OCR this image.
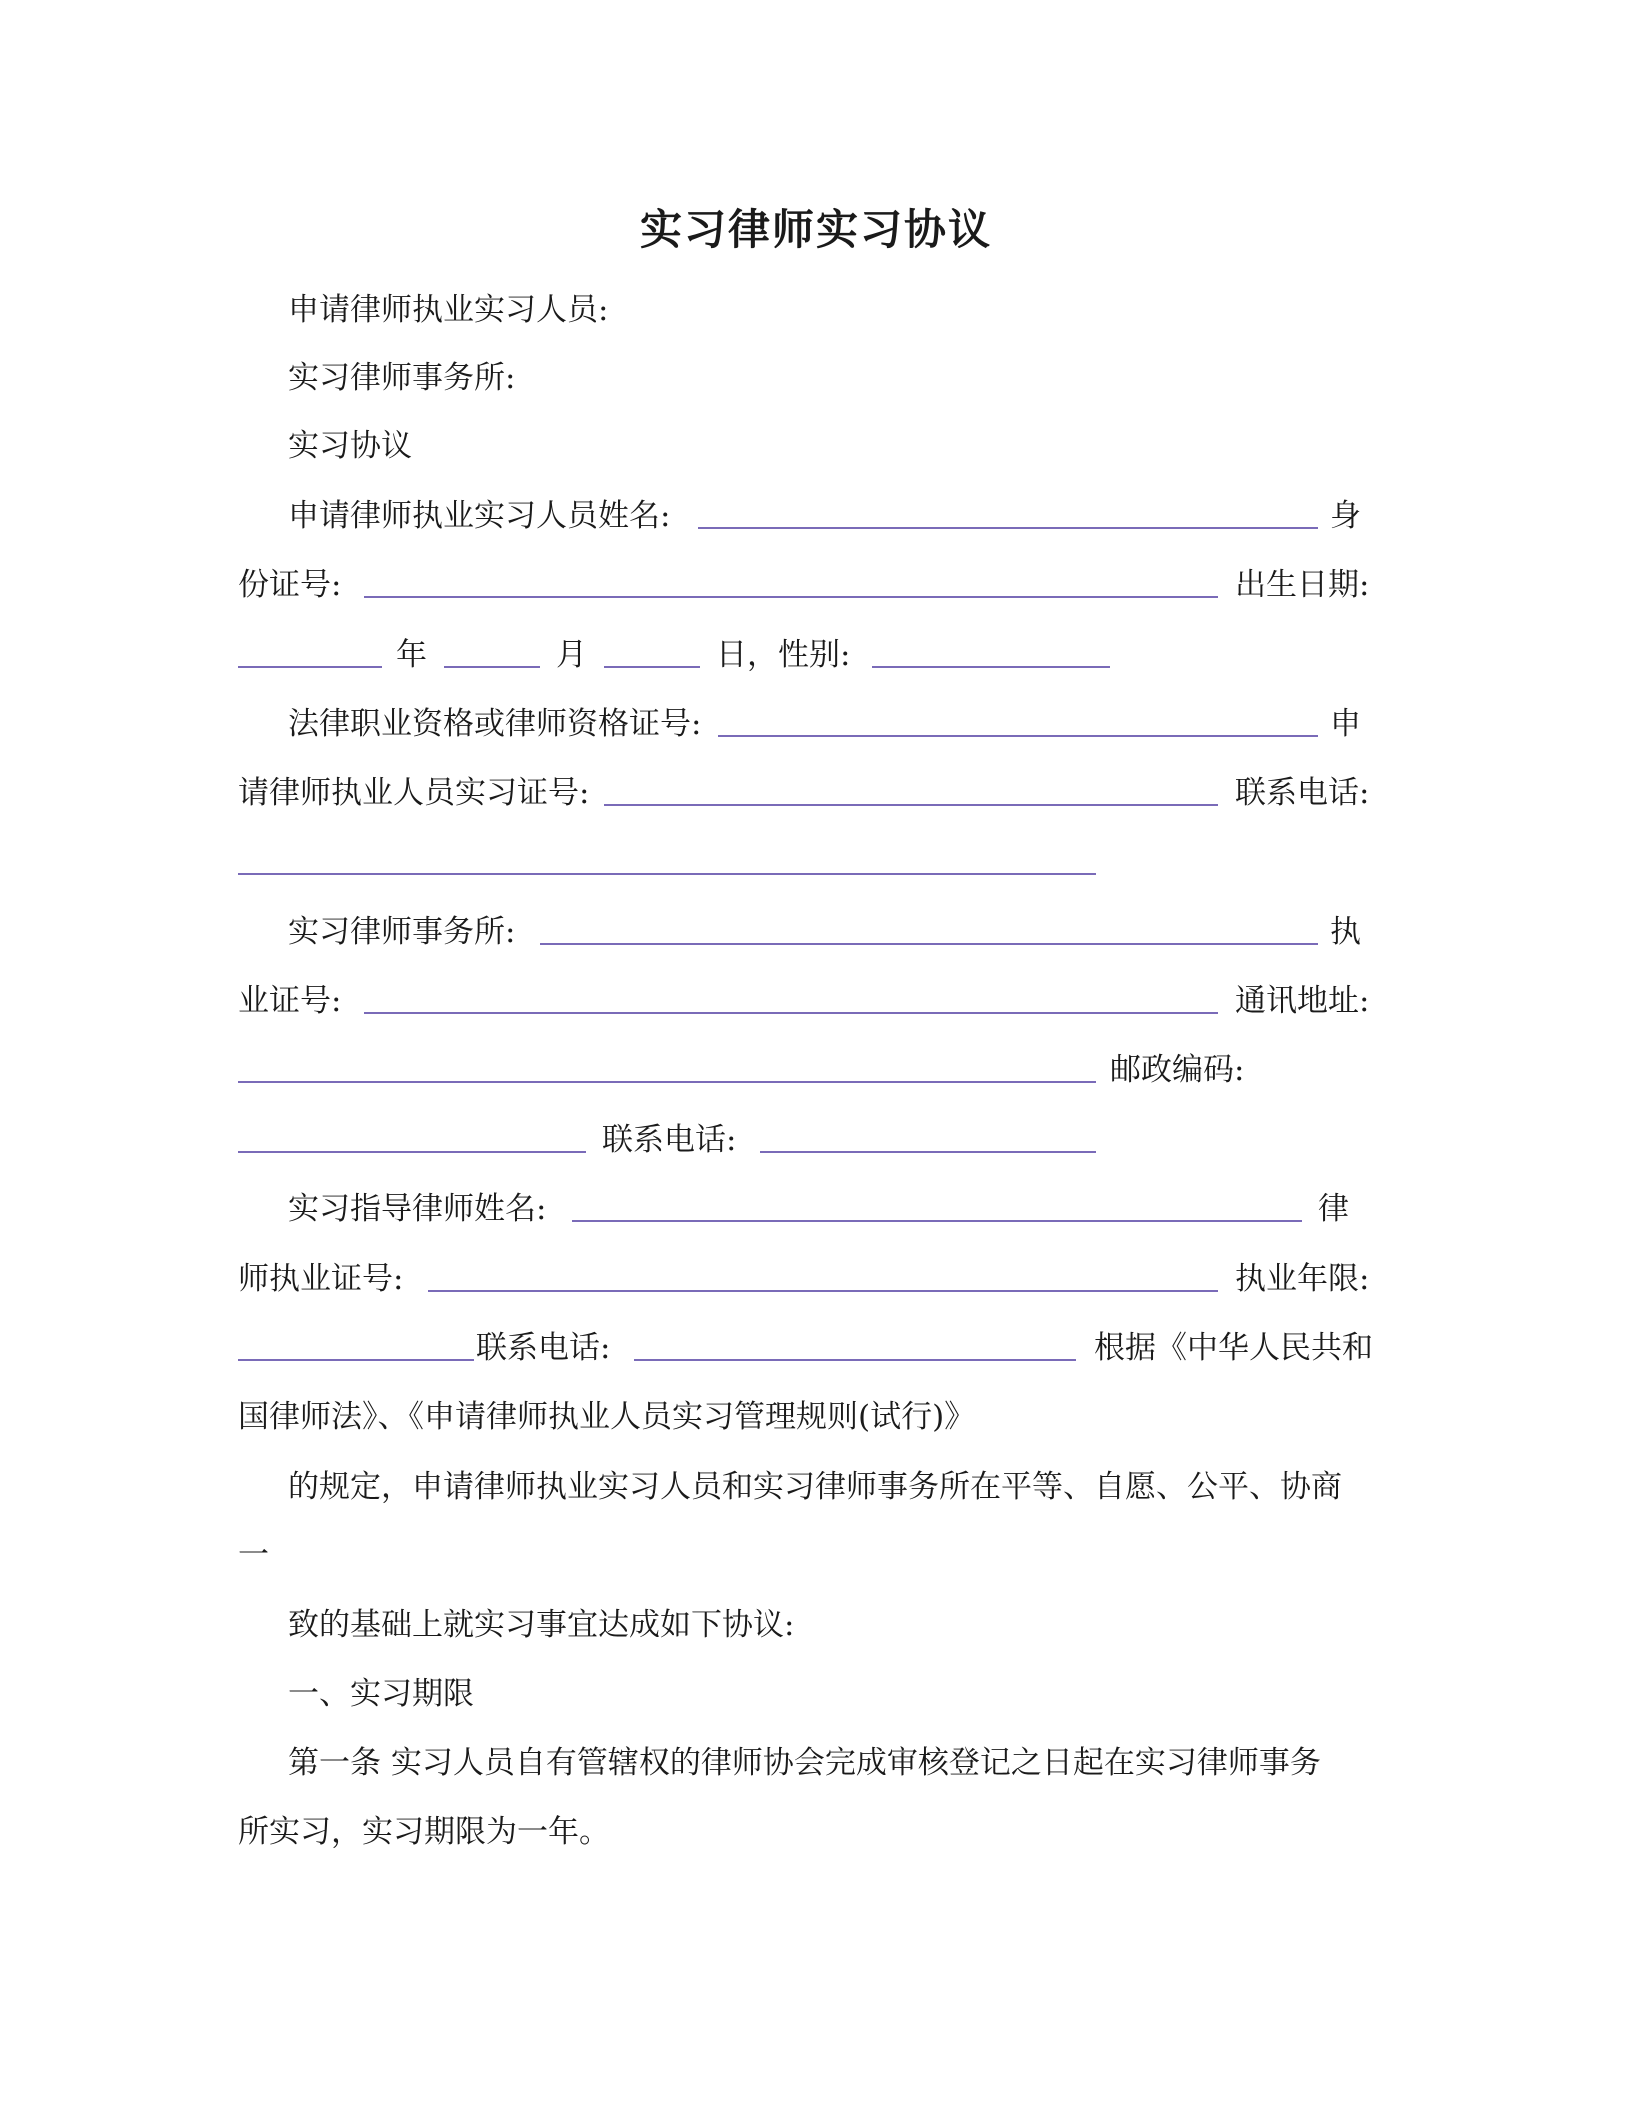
实习律师实习协议
申请律师执业实习人员:
实习律师事务所:
实习协议
申请律师执业实习人员姓名:	身
份证号:	出生日期:
年	月	日，性别:
法律职业资格或律师资格证号:	申
请律师执业人员实习证号:	联系电话:
实习律师事务所:	执
业证号:	通讯地址:
邮政编码:
联系电话:
实习指导律师姓名:	律
师执业证号:	执业年限:
联系电话:	根据《中华人民共和
国律师法》、《申请律师执业人员实习管理规则(试行)》
的规定，申请律师执业实习人员和实习律师事务所在平等、自愿、公平、协商
一
致的基础上就实习事宜达成如下协议:
一、实习期限
第一条 实习人员自有管辖权的律师协会完成审核登记之日起在实习律师事务
所实习，实习期限为一年。
